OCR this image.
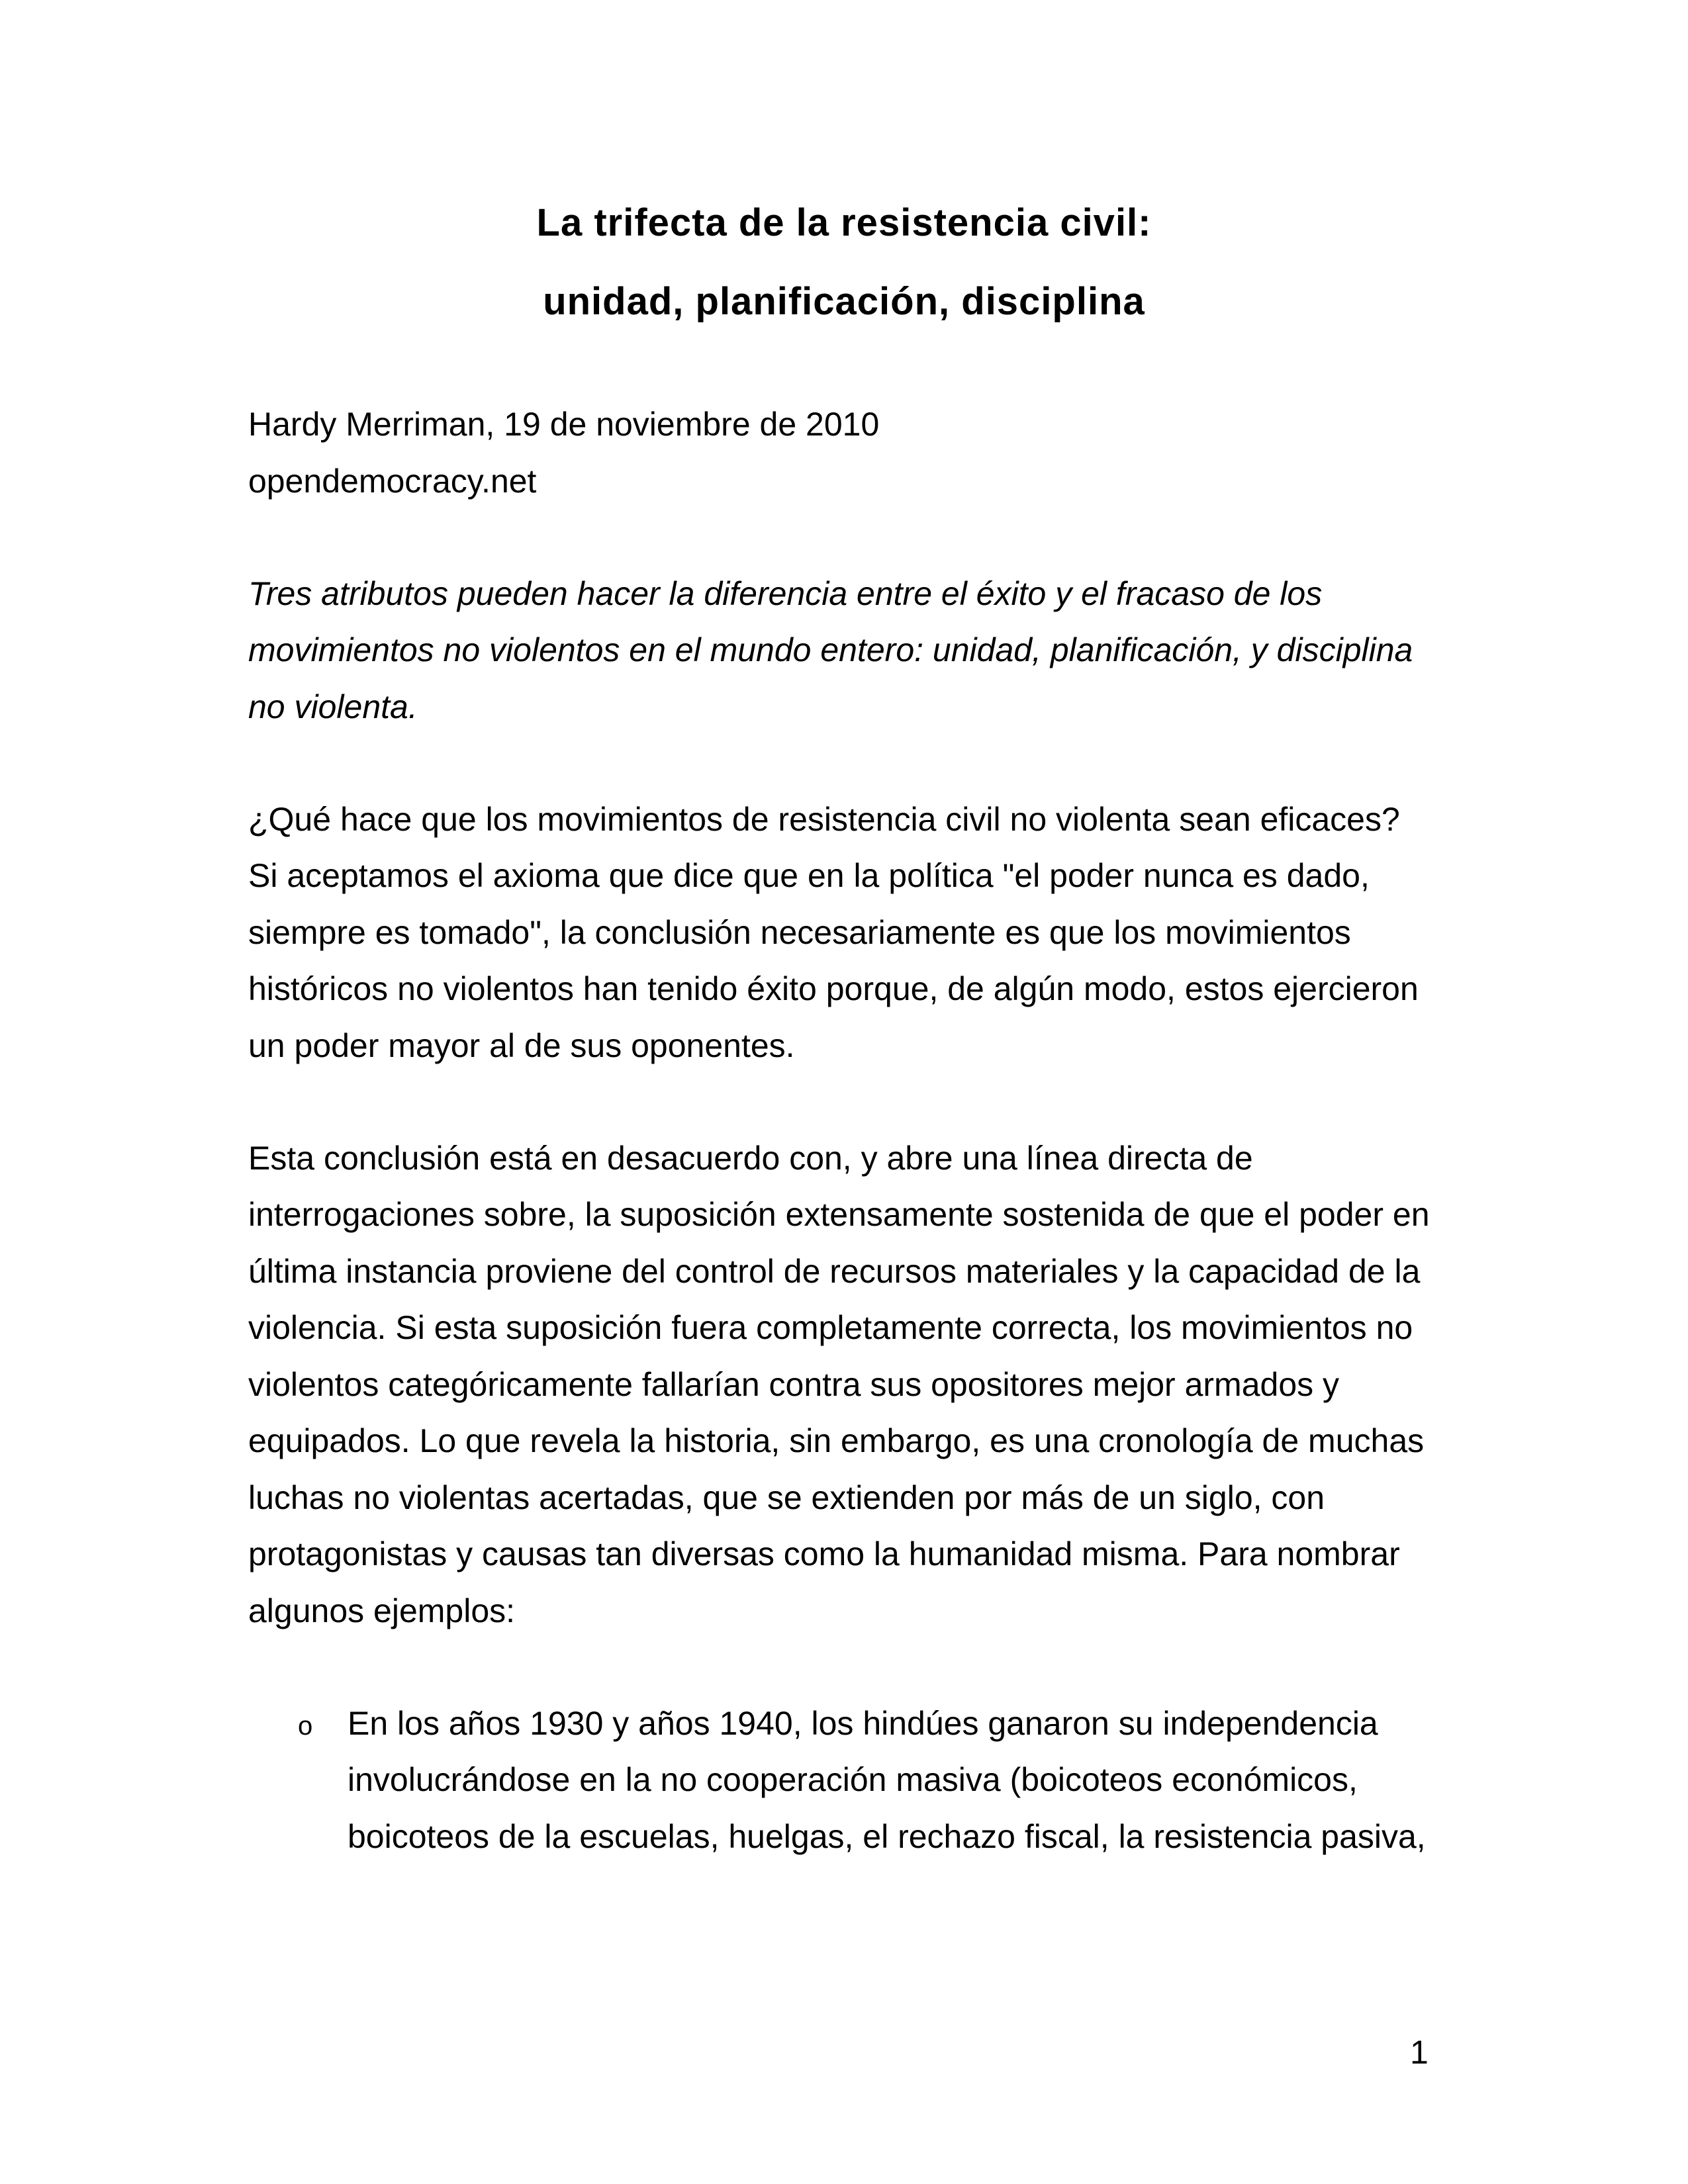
La trifecta de la resistencia civil:
unidad, planificación, disciplina
Hardy Merriman, 19 de noviembre de 2010
opendemocracy.net
Tres atributos pueden hacer la diferencia entre el éxito y el fracaso de los
movimientos no violentos en el mundo entero: unidad, planificación, y disciplina
no violenta.
¿Qué hace que los movimientos de resistencia civil no violenta sean eficaces?
Si aceptamos el axioma que dice que en la política "el poder nunca es dado,
siempre es tomado", la conclusión necesariamente es que los movimientos
históricos no violentos han tenido éxito porque, de algún modo, estos ejercieron
un poder mayor al de sus oponentes.
Esta conclusión está en desacuerdo con, y abre una línea directa de
interrogaciones sobre, la suposición extensamente sostenida de que el poder en
última instancia proviene del control de recursos materiales y la capacidad de la
violencia. Si esta suposición fuera completamente correcta, los movimientos no
violentos categóricamente fallarían contra sus opositores mejor armados y
equipados. Lo que revela la historia, sin embargo, es una cronología de muchas
luchas no violentas acertadas, que se extienden por más de un siglo, con
protagonistas y causas tan diversas como la humanidad misma. Para nombrar
algunos ejemplos:
o En los años 1930 y años 1940, los hindúes ganaron su independencia
involucrándose en la no cooperación masiva (boicoteos económicos,
boicoteos de la escuelas, huelgas, el rechazo fiscal, la resistencia pasiva,
1
